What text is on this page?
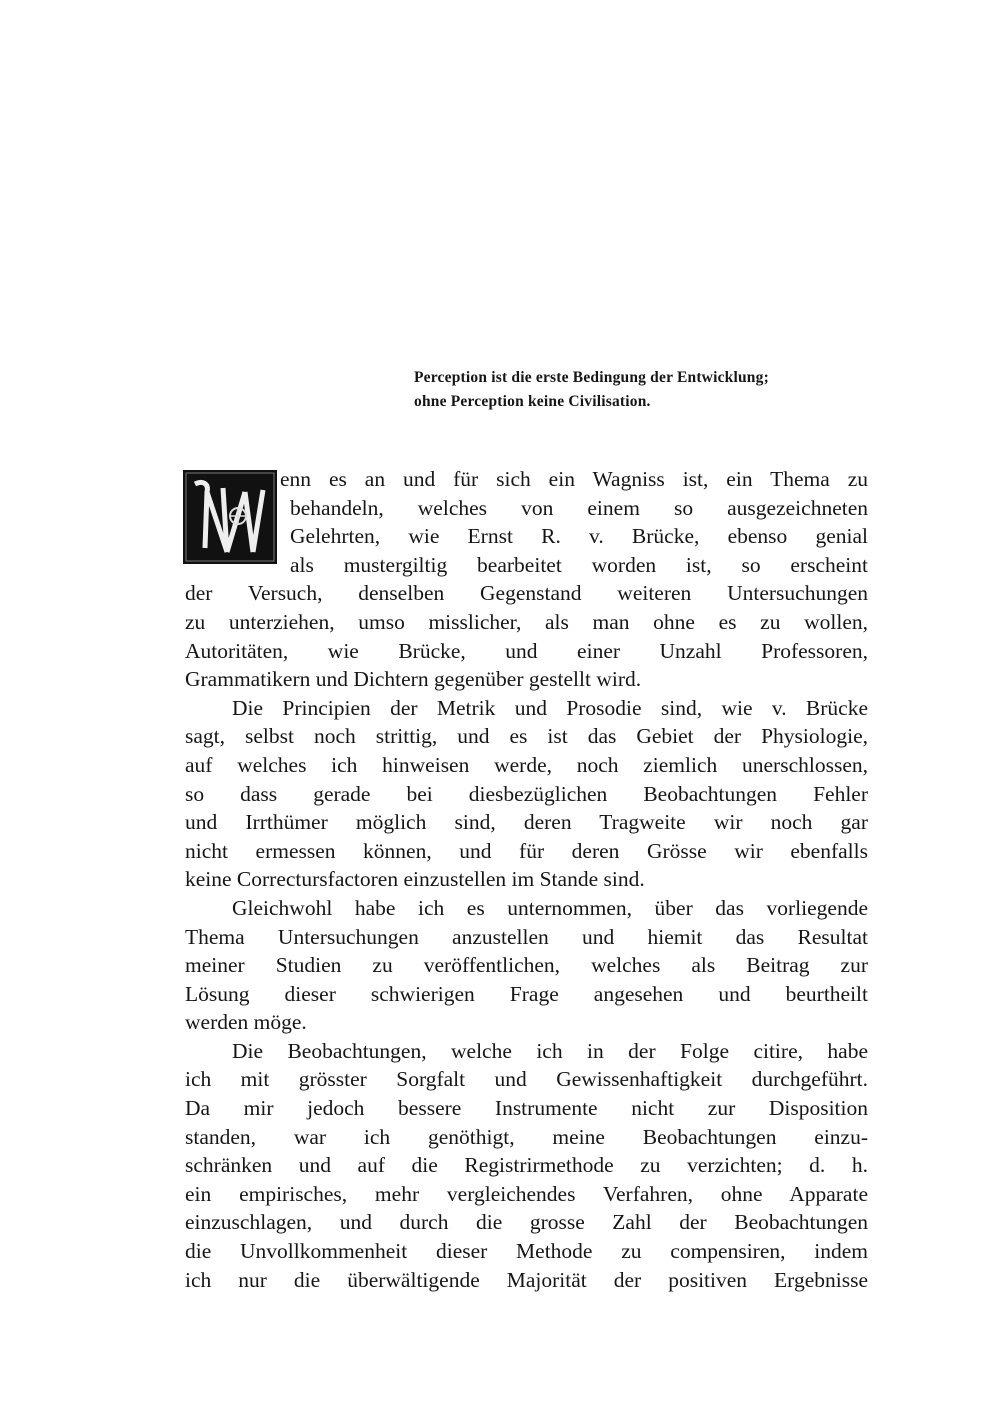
Perception ist die erste Bedingung der Entwicklung;
ohne Perception keine Civilisation.
enn es an und für sich ein Wagniss ist, ein Thema zu
behandeln, welches von einem so ausgezeichneten
Gelehrten, wie Ernst R. v. Brücke, ebenso genial
als mustergiltig bearbeitet worden ist, so erscheint
der Versuch, denselben Gegenstand weiteren Untersuchungen
zu unterziehen, umso misslicher, als man ohne es zu wollen,
Autoritäten, wie Brücke, und einer Unzahl Professoren,
Grammatikern und Dichtern gegenüber gestellt wird.
Die Principien der Metrik und Prosodie sind, wie v. Brücke
sagt, selbst noch strittig, und es ist das Gebiet der Physiologie,
auf welches ich hinweisen werde, noch ziemlich unerschlossen,
so dass gerade bei diesbezüglichen Beobachtungen Fehler
und Irrthümer möglich sind, deren Tragweite wir noch gar
nicht ermessen können, und für deren Grösse wir ebenfalls
keine Correctursfactoren einzustellen im Stande sind.
Gleichwohl habe ich es unternommen, über das vorliegende
Thema Untersuchungen anzustellen und hiemit das Resultat
meiner Studien zu veröffentlichen, welches als Beitrag zur
Lösung dieser schwierigen Frage angesehen und beurtheilt
werden möge.
Die Beobachtungen, welche ich in der Folge citire, habe
ich mit grösster Sorgfalt und Gewissenhaftigkeit durchgeführt.
Da mir jedoch bessere Instrumente nicht zur Disposition
standen, war ich genöthigt, meine Beobachtungen einzu-
schränken und auf die Registrirmethode zu verzichten; d. h.
ein empirisches, mehr vergleichendes Verfahren, ohne Apparate
einzuschlagen, und durch die grosse Zahl der Beobachtungen
die Unvollkommenheit dieser Methode zu compensiren, indem
ich nur die überwältigende Majorität der positiven Ergebnisse
